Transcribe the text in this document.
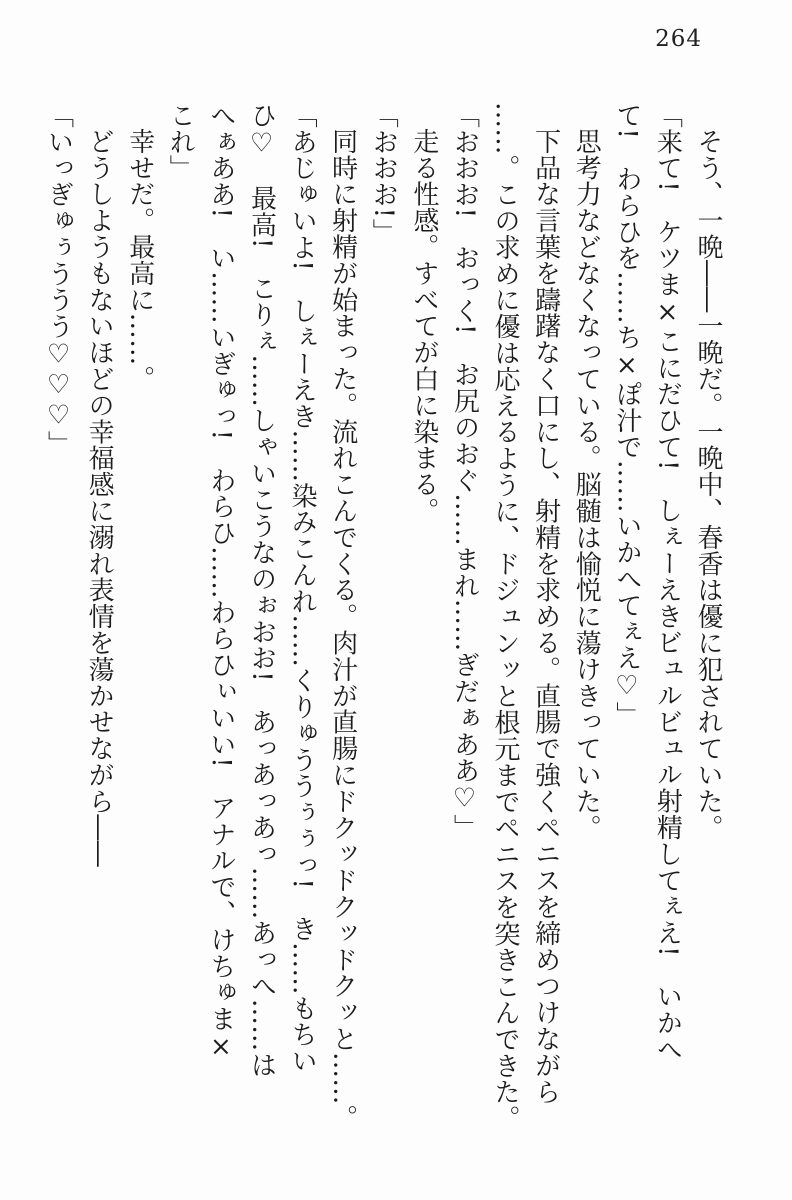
264

そう、一晩――一晩だ。一晩中、春香は優に犯されていた。

「来て!　ケツま×こにだひて!　しぇーえきビュルビュル射精してぇえ!　いかへ

て!　わらひを……ち×ぽ汁で……いかへてぇえ♡」

思考力などなくなっている。脳髄は愉悦に蕩けきっていた。

下品な言葉を躊躇なく口にし、射精を求める。直腸で強くペニスを締めつけながら

……。この求めに優は応えるように、ドジュンッと根元までペニスを突きこんできた。

「おおお!　おっく!　お尻のおぐ……まれ……ぎだぁああ♡」

走る性感。すべてが白に染まる。

「おおお!」

同時に射精が始まった。流れこんでくる。肉汁が直腸にドクッドクッドクッと……。

「あじゅいよ!　しぇーえき……染みこんれ……くりゅううぅぅっ!　き……もちい

ひ♡　最高!　こりぇ……しゃいこうなのぉおお!　あっあっあっ……あっへ……は

へぁああ!　い……いぎゅっ!　わらひ……わらひぃいい!　アナルで、けちゅま×

これ」

幸せだ。最高に……。

どうしようもないほどの幸福感に溺れ表情を蕩かせながら――

「いっぎゅぅううう♡♡♡」
